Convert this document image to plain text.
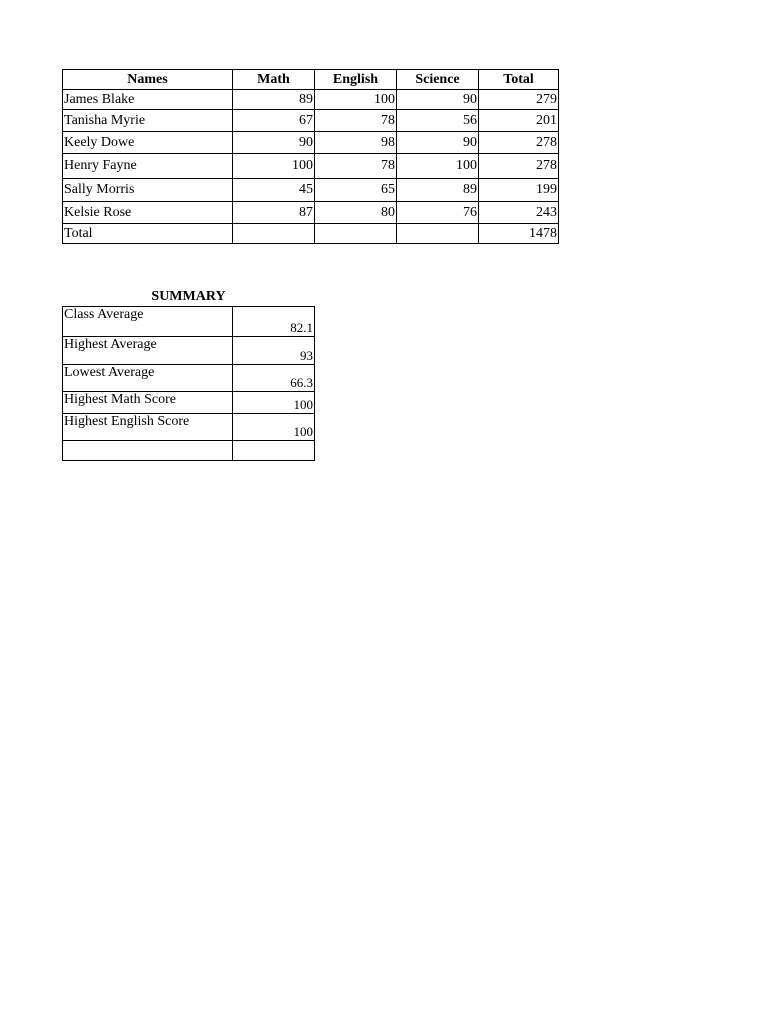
Names	Math	English	Science	Total
James Blake	89	100	90	279
Tanisha Myrie	67	78	56	201
Keely Dowe	90	98	90	278
Henry Fayne	100	78	100	278
Sally Morris	45	65	89	199
Kelsie Rose	87	80	76	243
Total				1478
SUMMARY
Class Average	82.1
Highest Average	93
Lowest Average	66.3
Highest Math Score	100
Highest English Score	100
